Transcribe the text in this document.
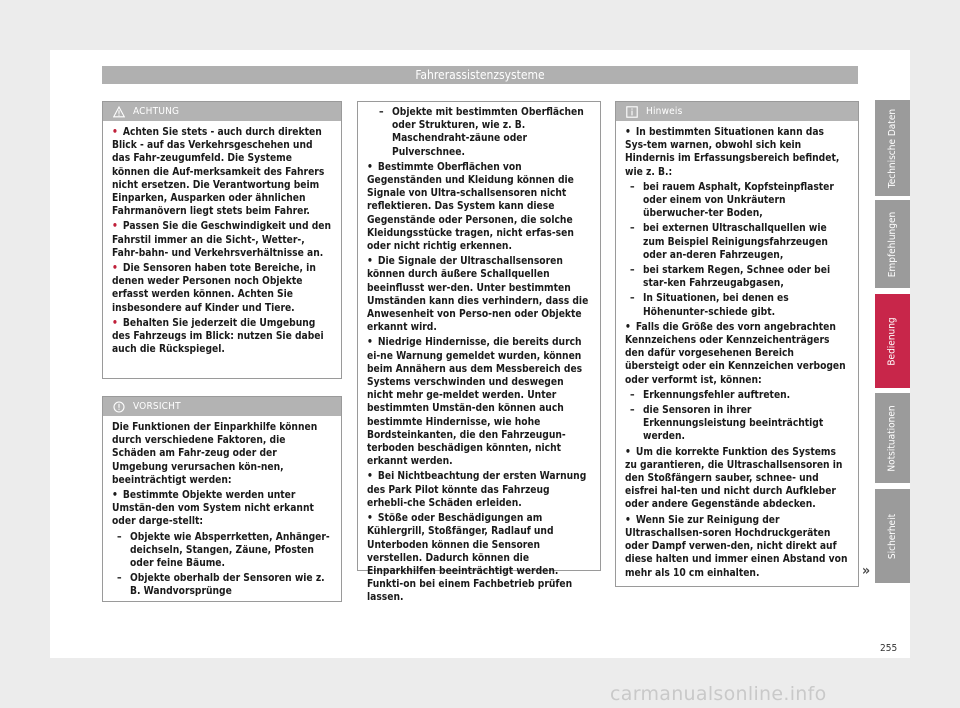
Fahrerassistenzsysteme
ACHTUNG
• Achten Sie stets - auch durch direkten Blick - auf das Verkehrsgeschehen und das Fahr-zeugumfeld. Die Systeme können die Auf-merksamkeit des Fahrers nicht ersetzen. Die Verantwortung beim Einparken, Ausparken oder ähnlichen Fahrmanövern liegt stets beim Fahrer.
• Passen Sie die Geschwindigkeit und den Fahrstil immer an die Sicht-, Wetter-, Fahr-bahn- und Verkehrsverhältnisse an.
• Die Sensoren haben tote Bereiche, in denen weder Personen noch Objekte erfasst werden können. Achten Sie insbesondere auf Kinder und Tiere.
• Behalten Sie jederzeit die Umgebung des Fahrzeugs im Blick: nutzen Sie dabei auch die Rückspiegel.
VORSICHT
Die Funktionen der Einparkhilfe können durch verschiedene Faktoren, die Schäden am Fahr-zeug oder der Umgebung verursachen kön-nen, beeinträchtigt werden:
• Bestimmte Objekte werden unter Umstän-den vom System nicht erkannt oder darge-stellt:
– Objekte wie Absperrketten, Anhänger-deichseln, Stangen, Zäune, Pfosten oder feine Bäume.
– Objekte oberhalb der Sensoren wie z. B. Wandvorsprünge
– Objekte mit bestimmten Oberflächen oder Strukturen, wie z. B. Maschendraht-zäune oder Pulverschnee.
• Bestimmte Oberflächen von Gegenständen und Kleidung können die Signale von Ultra-schallsensoren nicht reflektieren. Das System kann diese Gegenstände oder Personen, die solche Kleidungsstücke tragen, nicht erfas-sen oder nicht richtig erkennen.
• Die Signale der Ultraschallsensoren können durch äußere Schallquellen beeinflusst wer-den. Unter bestimmten Umständen kann dies verhindern, dass die Anwesenheit von Perso-nen oder Objekte erkannt wird.
• Niedrige Hindernisse, die bereits durch ei-ne Warnung gemeldet wurden, können beim Annähern aus dem Messbereich des Systems verschwinden und deswegen nicht mehr ge-meldet werden. Unter bestimmten Umstän-den können auch bestimmte Hindernisse, wie hohe Bordsteinkanten, die den Fahrzeugun-terboden beschädigen könnten, nicht erkannt werden.
• Bei Nichtbeachtung der ersten Warnung des Park Pilot könnte das Fahrzeug erhebli-che Schäden erleiden.
• Stöße oder Beschädigungen am Kühlergrill, Stoßfänger, Radlauf und Unterboden können die Sensoren verstellen. Dadurch können die Einparkhilfen beeinträchtigt werden. Funkti-on bei einem Fachbetrieb prüfen lassen.
Hinweis
• In bestimmten Situationen kann das Sys-tem warnen, obwohl sich kein Hindernis im Erfassungsbereich befindet, wie z. B.:
– bei rauem Asphalt, Kopfsteinpflaster oder einem von Unkräutern überwucher-ter Boden,
– bei externen Ultraschallquellen wie zum Beispiel Reinigungsfahrzeugen oder an-deren Fahrzeugen,
– bei starkem Regen, Schnee oder bei star-ken Fahrzeugabgasen,
– In Situationen, bei denen es Höhenunter-schiede gibt.
• Falls die Größe des vorn angebrachten Kennzeichens oder Kennzeichenträgers den dafür vorgesehenen Bereich übersteigt oder ein Kennzeichen verbogen oder verformt ist, können:
– Erkennungsfehler auftreten.
– die Sensoren in ihrer Erkennungsleistung beeinträchtigt werden.
• Um die korrekte Funktion des Systems zu garantieren, die Ultraschallsensoren in den Stoßfängern sauber, schnee- und eisfrei hal-ten und nicht durch Aufkleber oder andere Gegenstände abdecken.
• Wenn Sie zur Reinigung der Ultraschallsen-soren Hochdruckgeräten oder Dampf verwen-den, nicht direkt auf diese halten und immer einen Abstand von mehr als 10 cm einhalten.	»
Technische Daten
Empfehlungen
Bedienung
Notsituationen
Sicherheit
255
carmanualsonline.info
